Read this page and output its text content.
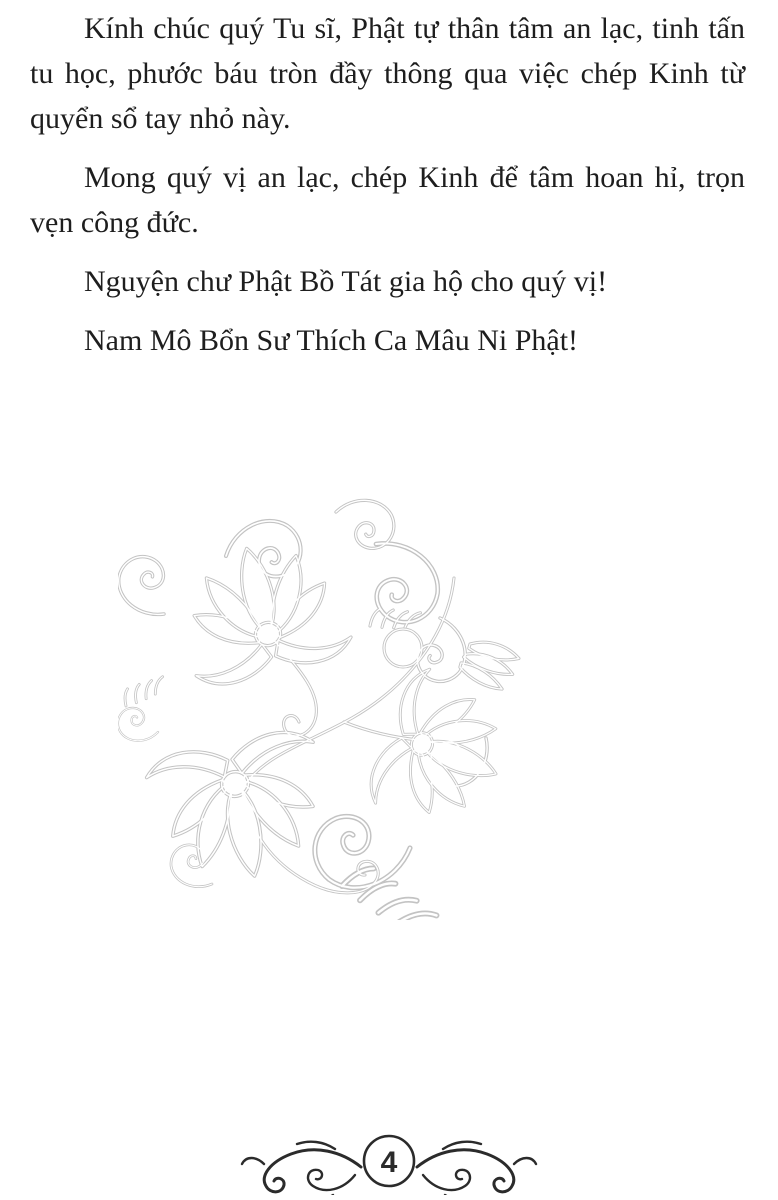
Kính chúc quý Tu sĩ, Phật tự thân tâm an lạc, tinh tấn tu học, phước báu tròn đầy thông qua việc chép Kinh từ quyển sổ tay nhỏ này.

Mong quý vị an lạc, chép Kinh để tâm hoan hỉ, trọn vẹn công đức.

Nguyện chư Phật Bồ Tát gia hộ cho quý vị!

Nam Mô Bổn Sư Thích Ca Mâu Ni Phật!

4
